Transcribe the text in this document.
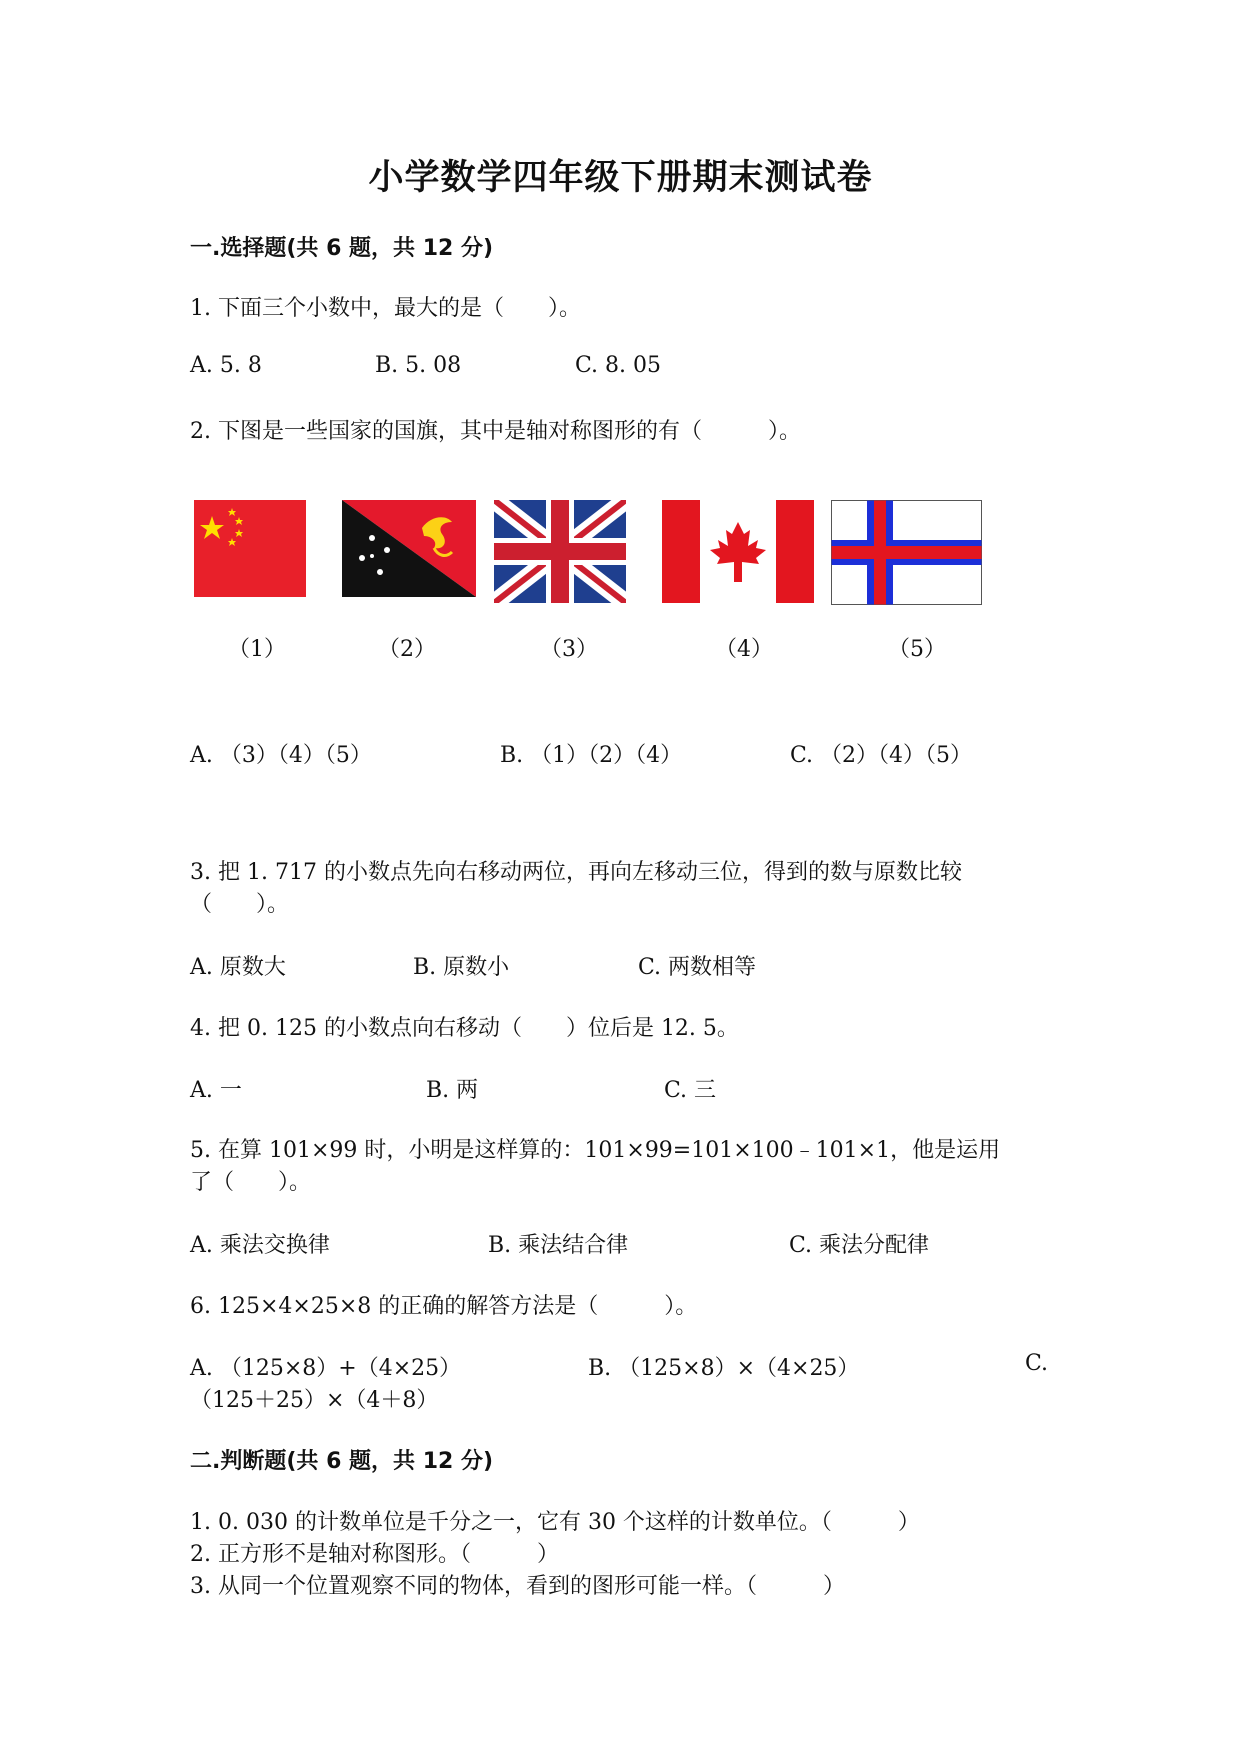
小学数学四年级下册期末测试卷
一.选择题(共 6 题，共 12 分)
1. 下面三个小数中，最大的是（　　）。
A. 5. 8	B. 5. 08	C. 8. 05
2. 下图是一些国家的国旗，其中是轴对称图形的有（　　　）。
（1）	（2）	（3）	（4）	（5）
A. （3）（4）（5）	B. （1）（2）（4）	C. （2）（4）（5）
3. 把 1. 717 的小数点先向右移动两位，再向左移动三位，得到的数与原数比较
（　　）。
A. 原数大	B. 原数小	C. 两数相等
4. 把 0. 125 的小数点向右移动（　　）位后是 12. 5。
A. 一	B. 两	C. 三
5. 在算 101×99 时，小明是这样算的：101×99=101×100﹣101×1，他是运用
了（　　）。
A. 乘法交换律	B. 乘法结合律	C. 乘法分配律
6. 125×4×25×8 的正确的解答方法是（　　　）。
A. （125×8）+（4×25）	B. （125×8）×（4×25）	C.
（125＋25）×（4＋8）
二.判断题(共 6 题，共 12 分)
1. 0. 030 的计数单位是千分之一，它有 30 个这样的计数单位。（　　　）
2. 正方形不是轴对称图形。（　　　）
3. 从同一个位置观察不同的物体，看到的图形可能一样。（　　　）
